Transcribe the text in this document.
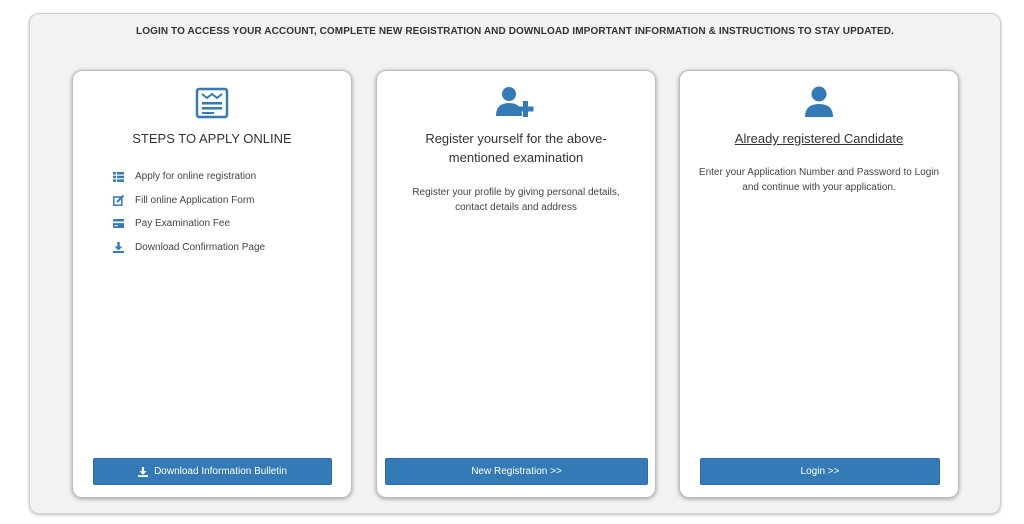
LOGIN TO ACCESS YOUR ACCOUNT, COMPLETE NEW REGISTRATION AND DOWNLOAD IMPORTANT INFORMATION & INSTRUCTIONS TO STAY UPDATED.
STEPS TO APPLY ONLINE
Apply for online registration
Fill online Application Form
Pay Examination Fee
Download Confirmation Page
Download Information Bulletin
Register yourself for the above-mentioned examination
Register your profile by giving personal details, contact details and address
New Registration >>
Already registered Candidate
Enter your Application Number and Password to Login and continue with your application.
Login >>
